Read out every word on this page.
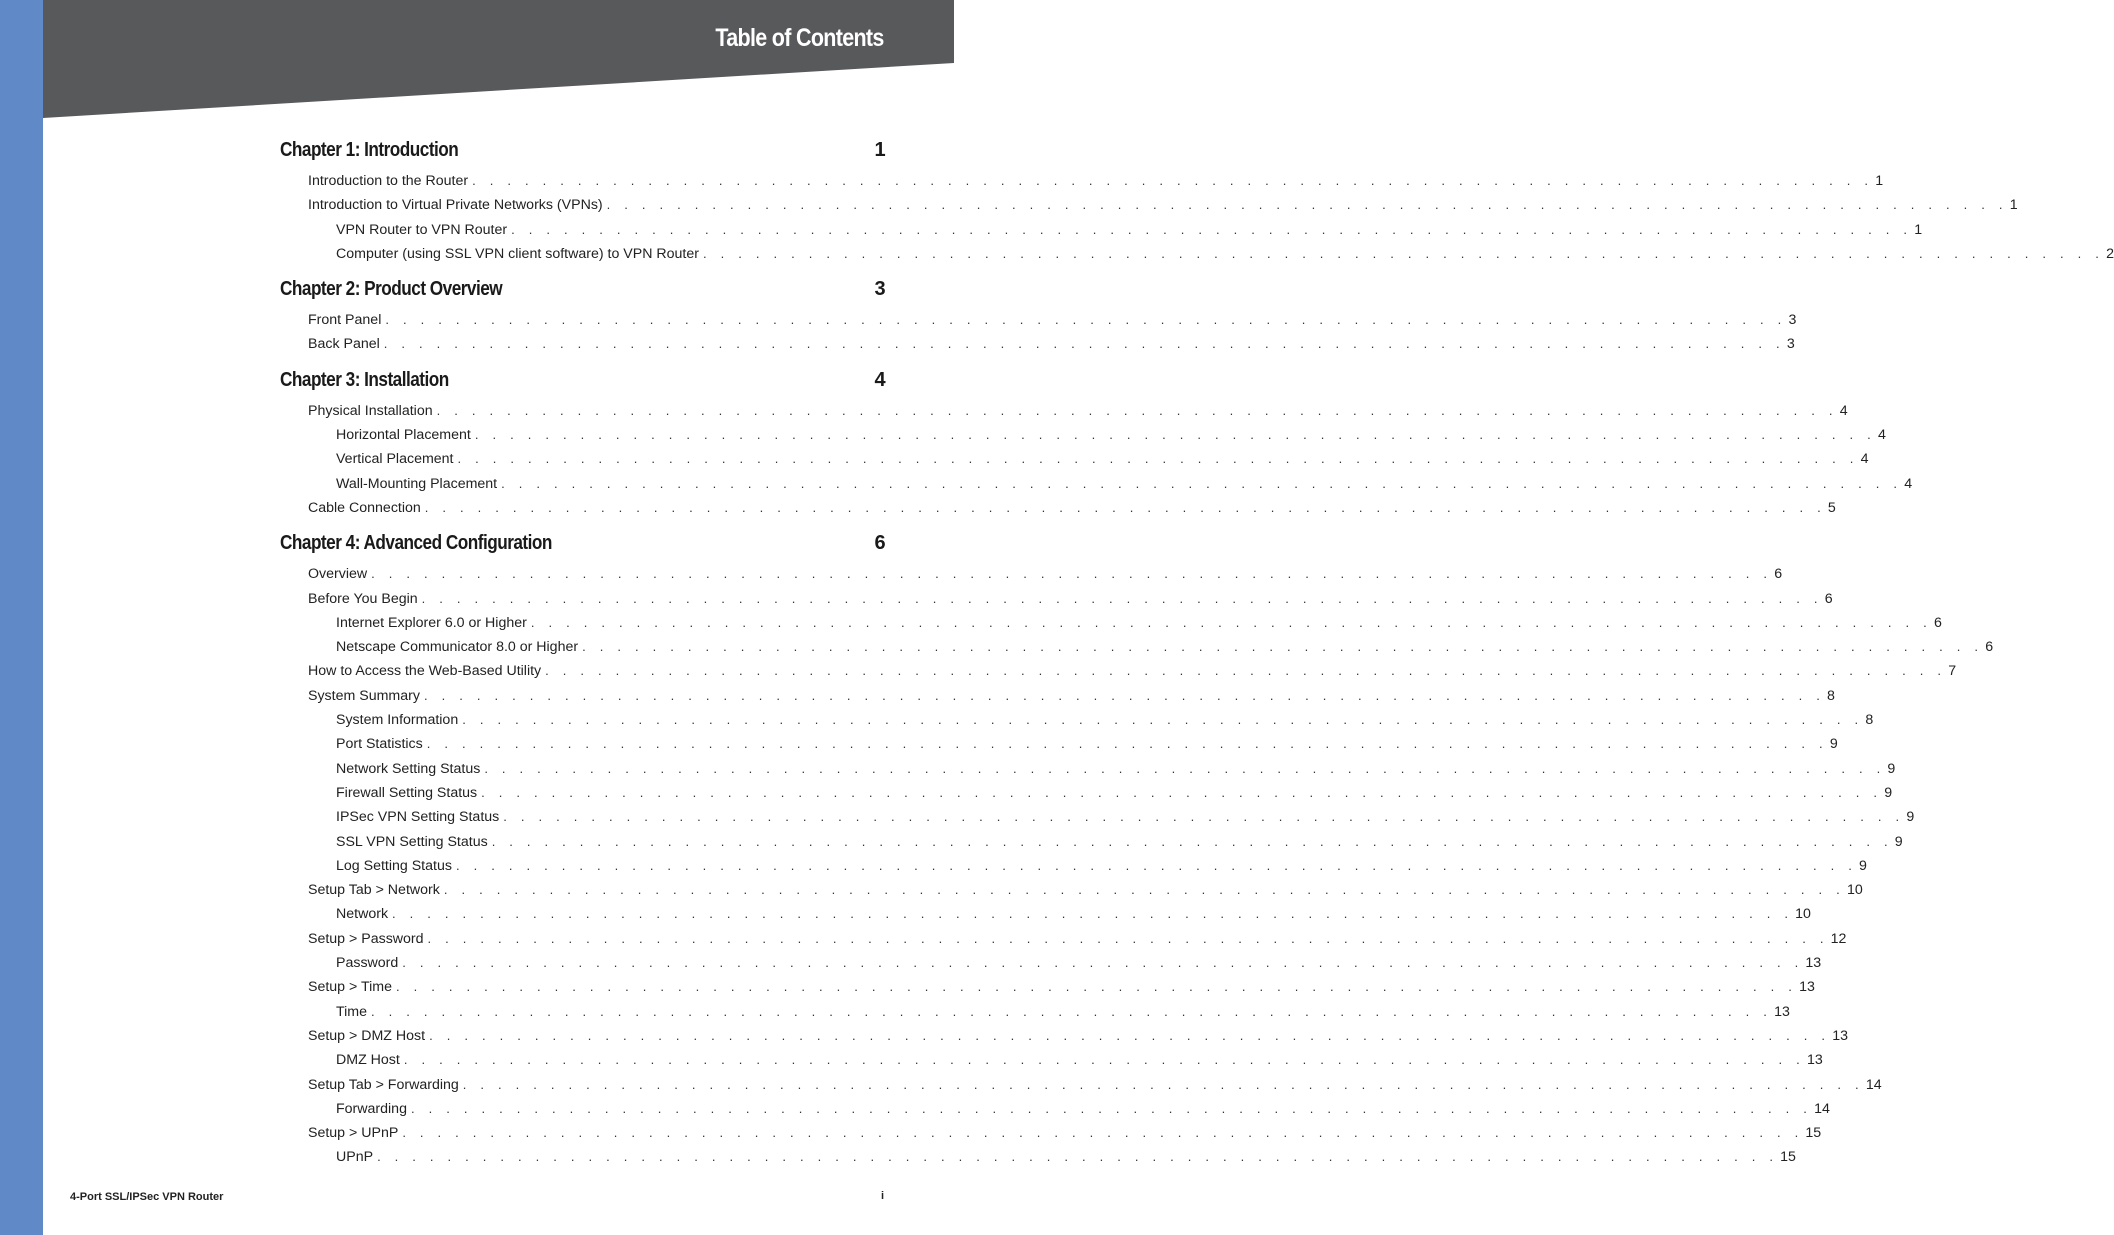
Table of Contents
Chapter 1: Introduction	1
Introduction to the Router . . . . . . . . . . . . . . . . . . . . . . . . . . . . . . . . . . . . . . . . . . . . . . . . . . . . . . . . . . . . . . . . . . . . . . . . . . . . . . . . 1
Introduction to Virtual Private Networks (VPNs) . . . . . . . . . . . . . . . . . . . . . . . . . . . . . . . . . . . . . . . . . . . . . . . . . . . . . . . . . . . . . . . . . . . . . . . . . . . . . . . . 1
VPN Router to VPN Router . . . . . . . . . . . . . . . . . . . . . . . . . . . . . . . . . . . . . . . . . . . . . . . . . . . . . . . . . . . . . . . . . . . . . . . . . . . . . . . . 1
Computer (using SSL VPN client software) to VPN Router . . . . . . . . . . . . . . . . . . . . . . . . . . . . . . . . . . . . . . . . . . . . . . . . . . . . . . . . . . . . . . . . . . . . . . . . . . . . . . . . 2
Chapter 2: Product Overview	3
Front Panel . . . . . . . . . . . . . . . . . . . . . . . . . . . . . . . . . . . . . . . . . . . . . . . . . . . . . . . . . . . . . . . . . . . . . . . . . . . . . . . . 3
Back Panel . . . . . . . . . . . . . . . . . . . . . . . . . . . . . . . . . . . . . . . . . . . . . . . . . . . . . . . . . . . . . . . . . . . . . . . . . . . . . . . . 3
Chapter 3: Installation	4
Physical Installation . . . . . . . . . . . . . . . . . . . . . . . . . . . . . . . . . . . . . . . . . . . . . . . . . . . . . . . . . . . . . . . . . . . . . . . . . . . . . . . . 4
Horizontal Placement . . . . . . . . . . . . . . . . . . . . . . . . . . . . . . . . . . . . . . . . . . . . . . . . . . . . . . . . . . . . . . . . . . . . . . . . . . . . . . . . 4
Vertical Placement . . . . . . . . . . . . . . . . . . . . . . . . . . . . . . . . . . . . . . . . . . . . . . . . . . . . . . . . . . . . . . . . . . . . . . . . . . . . . . . . 4
Wall-Mounting Placement . . . . . . . . . . . . . . . . . . . . . . . . . . . . . . . . . . . . . . . . . . . . . . . . . . . . . . . . . . . . . . . . . . . . . . . . . . . . . . . . 4
Cable Connection . . . . . . . . . . . . . . . . . . . . . . . . . . . . . . . . . . . . . . . . . . . . . . . . . . . . . . . . . . . . . . . . . . . . . . . . . . . . . . . . 5
Chapter 4: Advanced Configuration	6
Overview . . . . . . . . . . . . . . . . . . . . . . . . . . . . . . . . . . . . . . . . . . . . . . . . . . . . . . . . . . . . . . . . . . . . . . . . . . . . . . . . 6
Before You Begin . . . . . . . . . . . . . . . . . . . . . . . . . . . . . . . . . . . . . . . . . . . . . . . . . . . . . . . . . . . . . . . . . . . . . . . . . . . . . . . . 6
Internet Explorer 6.0 or Higher . . . . . . . . . . . . . . . . . . . . . . . . . . . . . . . . . . . . . . . . . . . . . . . . . . . . . . . . . . . . . . . . . . . . . . . . . . . . . . . . 6
Netscape Communicator 8.0 or Higher . . . . . . . . . . . . . . . . . . . . . . . . . . . . . . . . . . . . . . . . . . . . . . . . . . . . . . . . . . . . . . . . . . . . . . . . . . . . . . . . 6
How to Access the Web-Based Utility . . . . . . . . . . . . . . . . . . . . . . . . . . . . . . . . . . . . . . . . . . . . . . . . . . . . . . . . . . . . . . . . . . . . . . . . . . . . . . . . 7
System Summary . . . . . . . . . . . . . . . . . . . . . . . . . . . . . . . . . . . . . . . . . . . . . . . . . . . . . . . . . . . . . . . . . . . . . . . . . . . . . . . . 8
System Information . . . . . . . . . . . . . . . . . . . . . . . . . . . . . . . . . . . . . . . . . . . . . . . . . . . . . . . . . . . . . . . . . . . . . . . . . . . . . . . . 8
Port Statistics . . . . . . . . . . . . . . . . . . . . . . . . . . . . . . . . . . . . . . . . . . . . . . . . . . . . . . . . . . . . . . . . . . . . . . . . . . . . . . . . 9
Network Setting Status . . . . . . . . . . . . . . . . . . . . . . . . . . . . . . . . . . . . . . . . . . . . . . . . . . . . . . . . . . . . . . . . . . . . . . . . . . . . . . . . 9
Firewall Setting Status . . . . . . . . . . . . . . . . . . . . . . . . . . . . . . . . . . . . . . . . . . . . . . . . . . . . . . . . . . . . . . . . . . . . . . . . . . . . . . . . 9
IPSec VPN Setting Status . . . . . . . . . . . . . . . . . . . . . . . . . . . . . . . . . . . . . . . . . . . . . . . . . . . . . . . . . . . . . . . . . . . . . . . . . . . . . . . . 9
SSL VPN Setting Status . . . . . . . . . . . . . . . . . . . . . . . . . . . . . . . . . . . . . . . . . . . . . . . . . . . . . . . . . . . . . . . . . . . . . . . . . . . . . . . . 9
Log Setting Status . . . . . . . . . . . . . . . . . . . . . . . . . . . . . . . . . . . . . . . . . . . . . . . . . . . . . . . . . . . . . . . . . . . . . . . . . . . . . . . . 9
Setup Tab > Network . . . . . . . . . . . . . . . . . . . . . . . . . . . . . . . . . . . . . . . . . . . . . . . . . . . . . . . . . . . . . . . . . . . . . . . . . . . . . . . . 10
Network . . . . . . . . . . . . . . . . . . . . . . . . . . . . . . . . . . . . . . . . . . . . . . . . . . . . . . . . . . . . . . . . . . . . . . . . . . . . . . . . 10
Setup > Password . . . . . . . . . . . . . . . . . . . . . . . . . . . . . . . . . . . . . . . . . . . . . . . . . . . . . . . . . . . . . . . . . . . . . . . . . . . . . . . . 12
Password . . . . . . . . . . . . . . . . . . . . . . . . . . . . . . . . . . . . . . . . . . . . . . . . . . . . . . . . . . . . . . . . . . . . . . . . . . . . . . . . 13
Setup > Time . . . . . . . . . . . . . . . . . . . . . . . . . . . . . . . . . . . . . . . . . . . . . . . . . . . . . . . . . . . . . . . . . . . . . . . . . . . . . . . . 13
Time . . . . . . . . . . . . . . . . . . . . . . . . . . . . . . . . . . . . . . . . . . . . . . . . . . . . . . . . . . . . . . . . . . . . . . . . . . . . . . . . 13
Setup > DMZ Host . . . . . . . . . . . . . . . . . . . . . . . . . . . . . . . . . . . . . . . . . . . . . . . . . . . . . . . . . . . . . . . . . . . . . . . . . . . . . . . . 13
DMZ Host . . . . . . . . . . . . . . . . . . . . . . . . . . . . . . . . . . . . . . . . . . . . . . . . . . . . . . . . . . . . . . . . . . . . . . . . . . . . . . . . 13
Setup Tab > Forwarding . . . . . . . . . . . . . . . . . . . . . . . . . . . . . . . . . . . . . . . . . . . . . . . . . . . . . . . . . . . . . . . . . . . . . . . . . . . . . . . . 14
Forwarding . . . . . . . . . . . . . . . . . . . . . . . . . . . . . . . . . . . . . . . . . . . . . . . . . . . . . . . . . . . . . . . . . . . . . . . . . . . . . . . . 14
Setup > UPnP . . . . . . . . . . . . . . . . . . . . . . . . . . . . . . . . . . . . . . . . . . . . . . . . . . . . . . . . . . . . . . . . . . . . . . . . . . . . . . . . 15
UPnP . . . . . . . . . . . . . . . . . . . . . . . . . . . . . . . . . . . . . . . . . . . . . . . . . . . . . . . . . . . . . . . . . . . . . . . . . . . . . . . . 15
4-Port SSL/IPSec VPN Router	i
